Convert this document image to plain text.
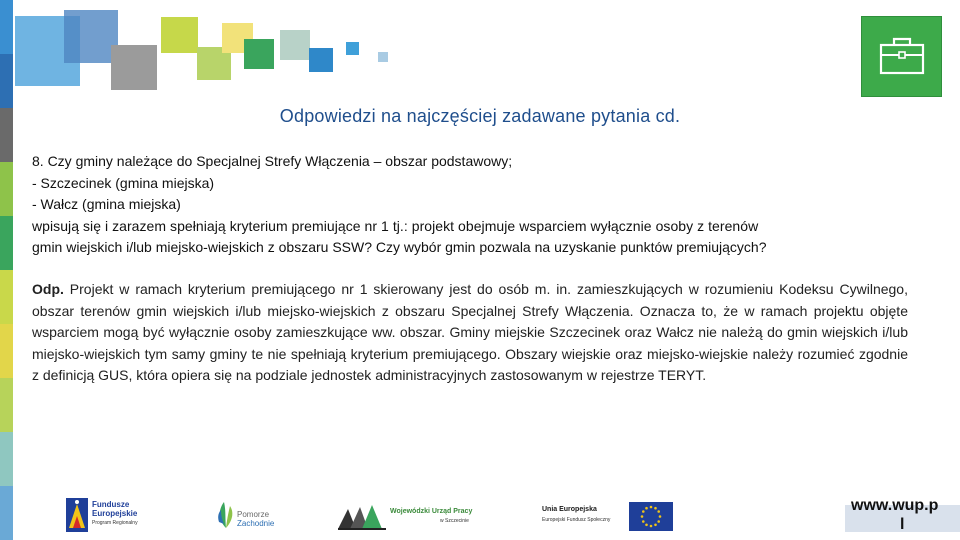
Odpowiedzi na najczęściej zadawane pytania cd.
8. Czy gminy należące do Specjalnej Strefy Włączenia – obszar podstawowy;
- Szczecinek (gmina miejska)
- Wałcz (gmina miejska)
wpisują się i zarazem spełniają kryterium premiujące nr 1 tj.: projekt obejmuje wsparciem wyłącznie osoby z terenów
gmin wiejskich i/lub miejsko-wiejskich z obszaru SSW? Czy wybór gmin pozwala na uzyskanie punktów premiujących?
Odp. Projekt w ramach kryterium premiującego nr 1 skierowany jest do osób m. in. zamieszkujących w rozumieniu Kodeksu Cywilnego, obszar terenów gmin wiejskich i/lub miejsko-wiejskich z obszaru Specjalnej Strefy Włączenia. Oznacza to, że w ramach projektu objęte wsparciem mogą być wyłącznie osoby zamieszkujące ww. obszar. Gminy miejskie Szczecinek oraz Wałcz nie należą do gmin wiejskich i/lub miejsko-wiejskich tym samy gminy te nie spełniają kryterium premiującego. Obszary wiejskie oraz miejsko-wiejskie należy rozumieć zgodnie z definicją GUS, która opiera się na podziale jednostek administracyjnych zastosowanym w rejestrze TERYT.
Fundusze
Europejskie
Program Regionalny
Pomorze
Zachodnie
Wojewódzki Urząd Pracy
w Szczecinie
Unia Europejska
Europejski Fundusz Społeczny
www.wup.p
l
